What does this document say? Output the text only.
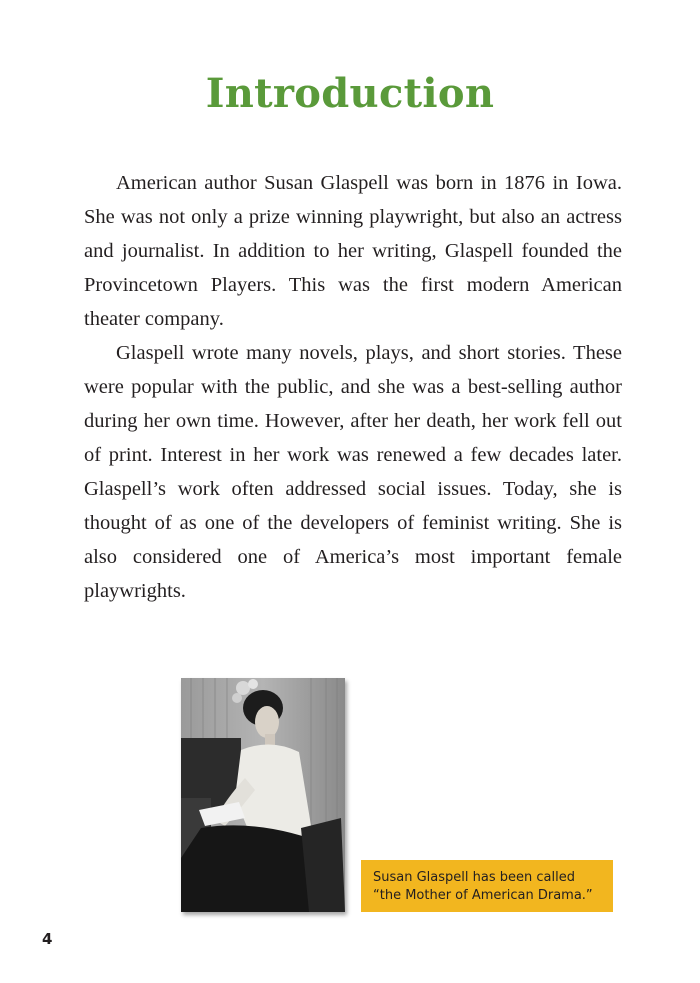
Introduction

American author Susan Glaspell was born in 1876 in Iowa. She was not only a prize winning playwright, but also an actress and journalist. In addition to her writing, Glaspell founded the Provincetown Players. This was the first modern American theater company.

Glaspell wrote many novels, plays, and short stories. These were popular with the public, and she was a best-selling author during her own time. However, after her death, her work fell out of print. Interest in her work was renewed a few decades later. Glaspell’s work often addressed social issues. Today, she is thought of as one of the developers of feminist writing. She is also considered one of America’s most important female playwrights.

Susan Glaspell has been called
“the Mother of American Drama.”
4
